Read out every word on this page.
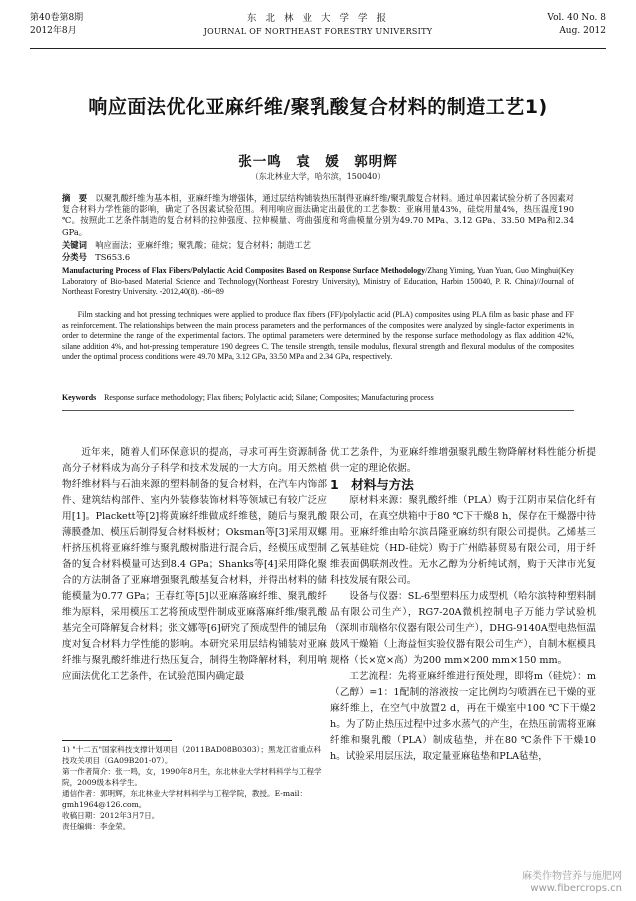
第40卷第8期
2012年8月
东 北 林 业 大 学 学 报
JOURNAL OF NORTHEAST FORESTRY UNIVERSITY
Vol. 40 No. 8
Aug. 2012
响应面法优化亚麻纤维/聚乳酸复合材料的制造工艺1)
张一鸣　袁　媛　郭明辉
（东北林业大学，哈尔滨，150040）
摘　要　 以聚乳酸纤维为基本相，亚麻纤维为增强体，通过层结构铺装热压制得亚麻纤维/聚乳酸复合材料。通过单因素试验分析了各因素对复合材料力学性能的影响，确定了各因素试验范围。利用响应面法确定出最优的工艺参数：亚麻用量43%，硅烷用量4%，热压温度190 ℃。按照此工艺条件制造的复合材料的拉伸强度、拉伸模量、弯曲强度和弯曲模量分别为49.70 MPa、3.12 GPa、33.50 MPa和2.34 GPa。
关键词　 响应面法；亚麻纤维；聚乳酸；硅烷；复合材料；制造工艺
分类号　 TS653.6
Manufacturing Process of Flax Fibers/Polylactic Acid Composites Based on Response Surface Methodology/Zhang Yiming, Yuan Yuan, Guo Minghui(Key Laboratory of Bio-based Material Science and Technology(Northeast Forestry University), Ministry of Education, Harbin 150040, P. R. China)//Journal of Northeast Forestry University. -2012,40(8). -86~89
Film stacking and hot pressing techniques were applied to produce flax fibers (FF)/polylactic acid (PLA) composites using PLA film as basic phase and FF as reinforcement. The relationships between the main process parameters and the performances of the composites were analyzed by single-factor experiments in order to determine the range of the experimental factors. The optimal parameters were determined by the response surface methodology as flax addition 42%, silane addition 4%, and hot-pressing temperature 190 degrees C. The tensile strength, tensile modulus, flexural strength and flexural modulus of the composites under the optimal process conditions were 49.70 MPa, 3.12 GPa, 33.50 MPa and 2.34 GPa, respectively.
Keywords　 Response surface methodology; Flax fibers; Polylactic acid; Silane; Composites; Manufacturing process

近年来，随着人们环保意识的提高，寻求可再生资源制备高分子材料成为高分子科学和技术发展的一大方向。用天然植物纤维材料与石油来源的塑料制备的复合材料，在汽车内饰部件、建筑结构部件、室内外装修装饰材料等领域已有较广泛应用[1]。Plackett等[2]将黄麻纤维做成纤维毯，随后与聚乳酸薄膜叠加、模压后制得复合材料板材；Oksman等[3]采用双螺杆挤压机将亚麻纤维与聚乳酸树脂进行混合后，经模压成型制备的复合材料模量可达到8.4 GPa；Shanks等[4]采用降化聚合的方法制备了亚麻增强聚乳酸基复合材料，并得出材料的储能模量为0.77 GPa；王春红等[5]以亚麻落麻纤维、聚乳酸纤维为原料，采用模压工艺将预成型件制成亚麻落麻纤维/聚乳酸基完全可降解复合材料；张文娜等[6]研究了预成型件的铺层角度对复合材料力学性能的影响。本研究采用层结构铺装对亚麻纤维与聚乳酸纤维进行热压复合，制得生物降解材料，利用响应面法优化工艺条件，在试验范围内确定最

优工艺条件，为亚麻纤维增强聚乳酸生物降解材料性能分析提供一定的理论依据。

1　材料与方法

原材料来源：聚乳酸纤维（PLA）购于江阴市杲信化纤有限公司，在真空烘箱中于80 ℃下干燥8 h，保存在干燥器中待用。亚麻纤维由哈尔滨昌隆亚麻纺织有限公司提供。乙烯基三乙氧基硅烷（HD-硅烷）购于广州皓碁贸易有限公司，用于纤维表面偶联剂改性。无水乙醇为分析纯试剂，购于天津市光复科技发展有限公司。

设备与仪器：SL-6型塑料压力成型机（哈尔滨特种塑料制品有限公司生产），RG7-20A微机控制电子万能力学试验机（深圳市瑞格尔仪器有限公司生产），DHG-9140A型电热恒温鼓风干燥箱（上海益恒实验仪器有限公司生产），自制木框模具规格（长×宽×高）为200 mm×200 mm×150 mm。

工艺流程：先将亚麻纤维进行预处理，即将m（硅烷）：m（乙醇）=1：1配制的溶液按一定比例均匀喷洒在已干燥的亚麻纤维上，在空气中放置2 d，再在干燥室中100 ℃下干燥2 h。为了防止热压过程中过多水蒸气的产生，在热压前需将亚麻纤维和聚乳酸（PLA）制成毡垫，并在80 ℃条件下干燥10 h。试验采用层压法，取定量亚麻毡垫和PLA毡垫，

1) "十二五"国家科技支撑计划项目（2011BAD08B0303）；黑龙江省重点科技攻关项目（GA09B201-07）。
第一作者简介：张一鸣，女，1990年8月生，东北林业大学材料科学与工程学院，2009级本科学生。
通信作者：郭明辉，东北林业大学材料科学与工程学院，教授。E-mail：gmh1964@126.com。
收稿日期：2012年3月7日。
责任编辑：李金荣。
麻类作物营养与施肥网
www.fibercrops.cn
